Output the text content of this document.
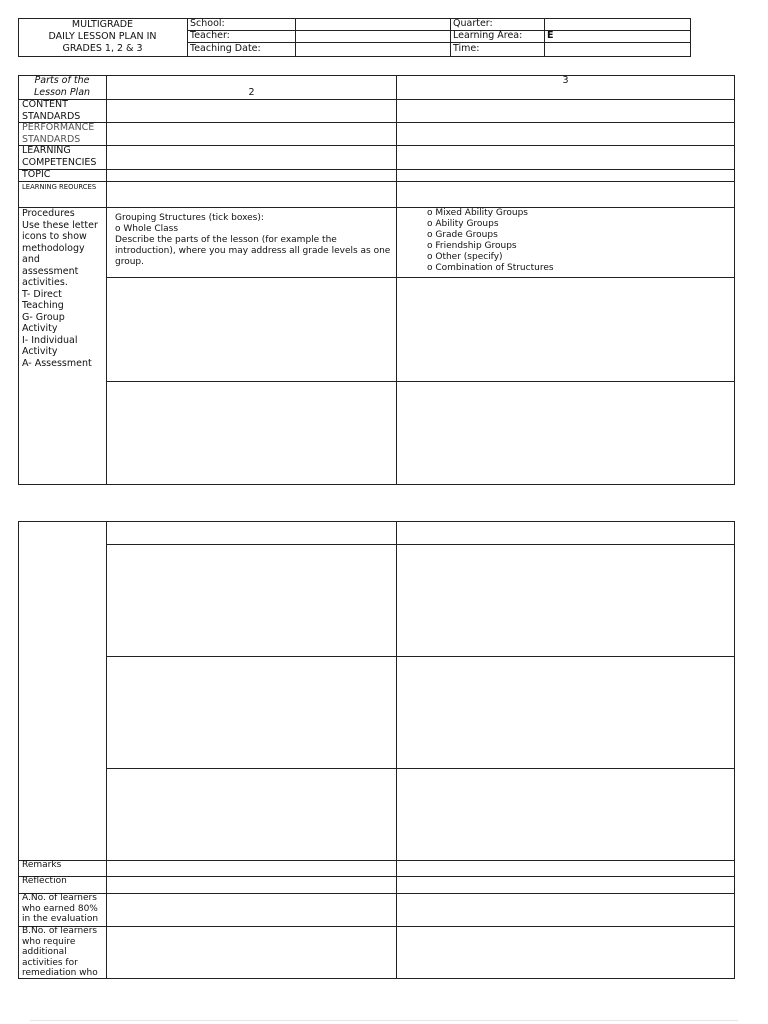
MULTIGRADE
DAILY LESSON PLAN IN
GRADES 1, 2 & 3
School:
Teacher:
Teaching Date:
Quarter:
Learning Area:
Time:
E
Parts of the
Lesson Plan	2
3
CONTENT
STANDARDS
PERFORMANCE
STANDARDS
LEARNING
COMPETENCIES
TOPIC
LEARNING REOURCES
Procedures
Use these letter
icons to show
methodology
and
assessment
activities.
T- Direct
Teaching
G- Group
Activity
I- Individual
Activity
A- Assessment
Grouping Structures (tick boxes):
o Whole Class
Describe the parts of the lesson (for example the
introduction), where you may address all grade levels as one
group.
o Mixed Ability Groups
o Ability Groups
o Grade Groups
o Friendship Groups
o Other (specify)
o Combination of Structures
Remarks
Reflection
A.No. of learners
who earned 80%
in the evaluation
B.No. of learners
who require
additional
activities for
remediation who
